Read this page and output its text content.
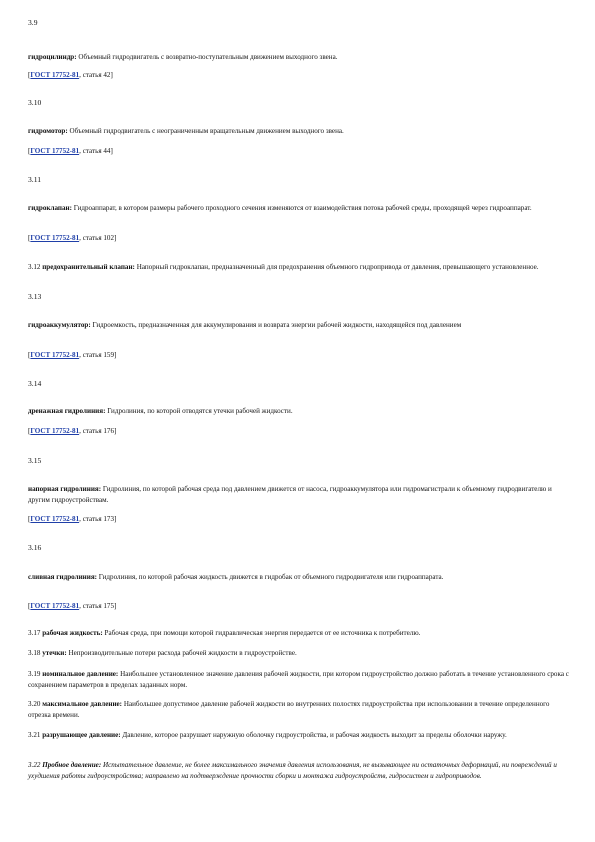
3.9

гидроцилиндр: Объемный гидродвигатель с возвратно-поступательным движением выходного звена.

[ГОСТ 17752-81, статья 42]

3.10

гидромотор: Объемный гидродвигатель с неограниченным вращательным движением выходного звена.

[ГОСТ 17752-81, статья 44]

3.11

гидроклапан: Гидроаппарат, в котором размеры рабочего проходного сечения изменяются от взаимодействия потока рабочей среды, проходящей через гидроаппарат.

[ГОСТ 17752-81, статья 102]

3.12 предохранительный клапан: Напорный гидроклапан, предназначенный для предохранения объемного гидропривода от давления, превышающего установленное.

3.13

гидроаккумулятор: Гидроемкость, предназначенная для аккумулирования и возврата энергии рабочей жидкости, находящейся под давлением

[ГОСТ 17752-81, статья 159]

3.14

дренажная гидролиния: Гидролиния, по которой отводятся утечки рабочей жидкости.

[ГОСТ 17752-81, статья 176]

3.15

напорная гидролиния: Гидролиния, по которой рабочая среда под давлением движется от насоса, гидроаккумулятора или гидромагистрали к объемному гидродвигателю и другим гидроустройствам.

[ГОСТ 17752-81, статья 173]

3.16

сливная гидролиния: Гидролиния, по которой рабочая жидкость движется в гидробак от объемного гидродвигателя или гидроаппарата.

[ГОСТ 17752-81, статья 175]

3.17 рабочая жидкость: Рабочая среда, при помощи которой гидравлическая энергия передается от ее источника к потребителю.

3.18 утечки: Непроизводительные потери расхода рабочей жидкости в гидроустройстве.

3.19 номинальное давление: Наибольшее установленное значение давления рабочей жидкости, при котором гидроустройство должно работать в течение установленного срока с сохранением параметров в пределах заданных норм.

3.20 максимальное давление: Наибольшее допустимое давление рабочей жидкости во внутренних полостях гидроустройства при использовании в течение определенного отрезка времени.

3.21 разрушающее давление: Давление, которое разрушает наружную оболочку гидроустройства, и рабочая жидкость выходит за пределы оболочки наружу.

3.22 Пробное давление: Испытательное давление, не более максимального значения давления использования, не вызывающее ни остаточных деформаций, ни повреждений и ухудшения работы гидроустройства; направлено на подтверждение прочности сборки и монтажа гидроустройств, гидросистем и гидроприводов.
